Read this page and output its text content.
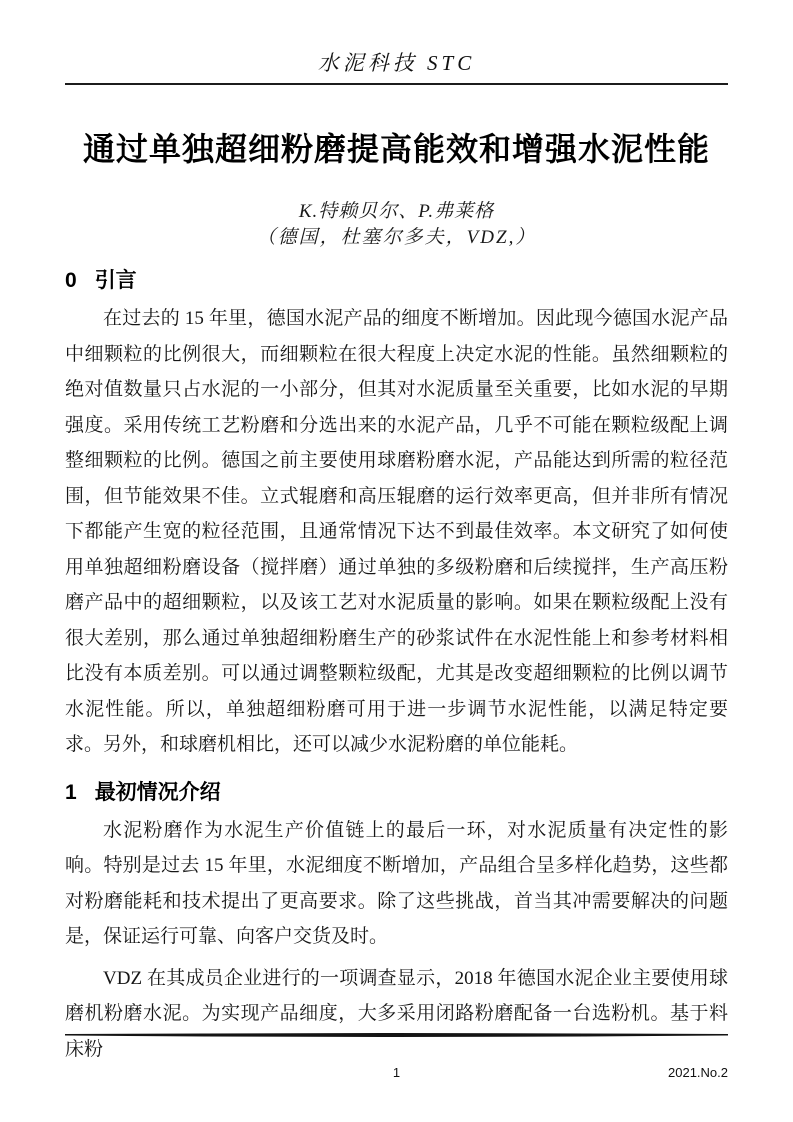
水泥科技 STC
通过单独超细粉磨提高能效和增强水泥性能
K.特赖贝尔、P.弗莱格
（德国，杜塞尔多夫，VDZ,）
0 引言

在过去的 15 年里，德国水泥产品的细度不断增加。因此现今德国水泥产品中细颗粒的比例很大，而细颗粒在很大程度上决定水泥的性能。虽然细颗粒的绝对值数量只占水泥的一小部分，但其对水泥质量至关重要，比如水泥的早期强度。采用传统工艺粉磨和分选出来的水泥产品，几乎不可能在颗粒级配上调整细颗粒的比例。德国之前主要使用球磨粉磨水泥，产品能达到所需的粒径范围，但节能效果不佳。立式辊磨和高压辊磨的运行效率更高，但并非所有情况下都能产生宽的粒径范围，且通常情况下达不到最佳效率。本文研究了如何使用单独超细粉磨设备（搅拌磨）通过单独的多级粉磨和后续搅拌，生产高压粉磨产品中的超细颗粒，以及该工艺对水泥质量的影响。如果在颗粒级配上没有很大差别，那么通过单独超细粉磨生产的砂浆试件在水泥性能上和参考材料相比没有本质差别。可以通过调整颗粒级配，尤其是改变超细颗粒的比例以调节水泥性能。所以，单独超细粉磨可用于进一步调节水泥性能，以满足特定要求。另外，和球磨机相比，还可以减少水泥粉磨的单位能耗。

1 最初情况介绍

水泥粉磨作为水泥生产价值链上的最后一环，对水泥质量有决定性的影响。特别是过去 15 年里，水泥细度不断增加，产品组合呈多样化趋势，这些都对粉磨能耗和技术提出了更高要求。除了这些挑战，首当其冲需要解决的问题是，保证运行可靠、向客户交货及时。

VDZ 在其成员企业进行的一项调查显示，2018 年德国水泥企业主要使用球磨机粉磨水泥。为实现产品细度，大多采用闭路粉磨配备一台选粉机。基于料床粉

1	2021.No.2
